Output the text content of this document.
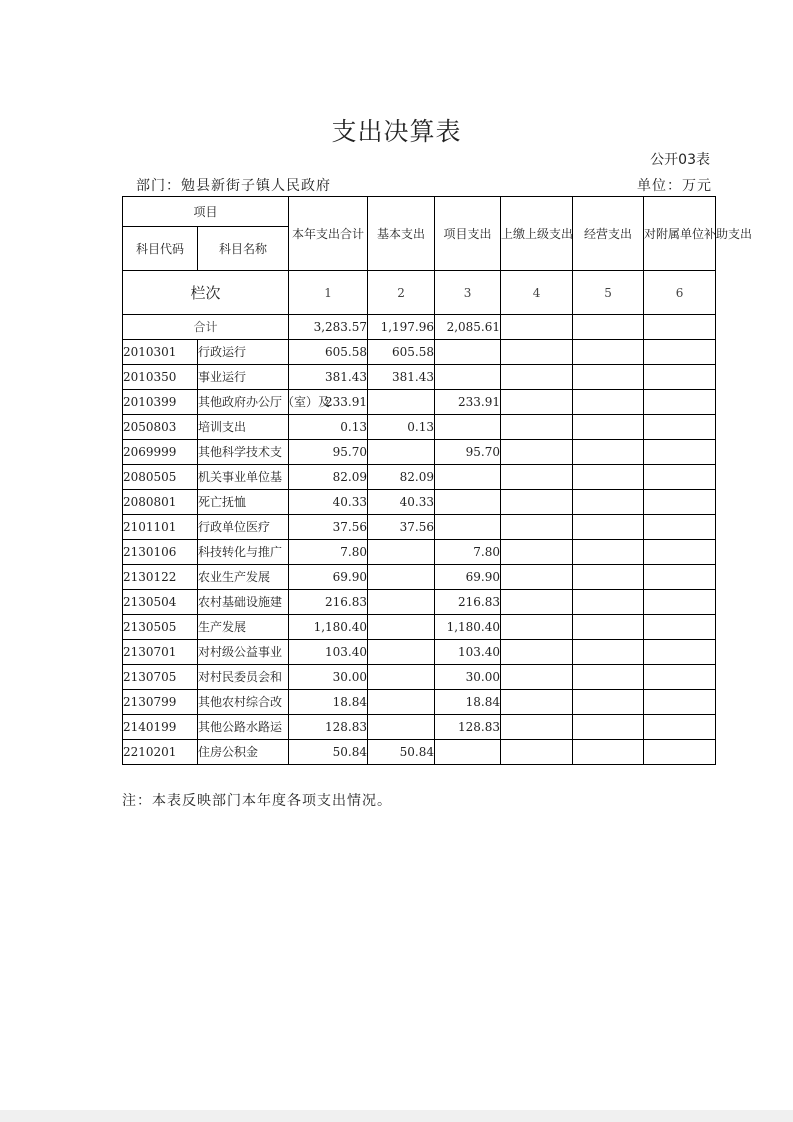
支出决算表
公开03表
部门：勉县新街子镇人民政府	单位：万元
项目		本年支出合计	基本支出	项目支出	上缴上级支出	经营支出	对附属单位补助支出
科目代码	科目名称						
栏次		1	2	3	4	5	6
合计		3,283.57	1,197.96	2,085.61			
2010301	行政运行	605.58	605.58				
2010350	事业运行	381.43	381.43				
2010399	其他政府办公厅（室）及	233.91		233.91			
2050803	培训支出	0.13	0.13				
2069999	其他科学技术支	95.70		95.70			
2080505	机关事业单位基	82.09	82.09				
2080801	死亡抚恤	40.33	40.33				
2101101	行政单位医疗	37.56	37.56				
2130106	科技转化与推广	7.80		7.80			
2130122	农业生产发展	69.90		69.90			
2130504	农村基础设施建	216.83		216.83			
2130505	生产发展	1,180.40		1,180.40			
2130701	对村级公益事业	103.40		103.40			
2130705	对村民委员会和	30.00		30.00			
2130799	其他农村综合改	18.84		18.84			
2140199	其他公路水路运	128.83		128.83			
2210201	住房公积金	50.84	50.84				
注：本表反映部门本年度各项支出情况。
